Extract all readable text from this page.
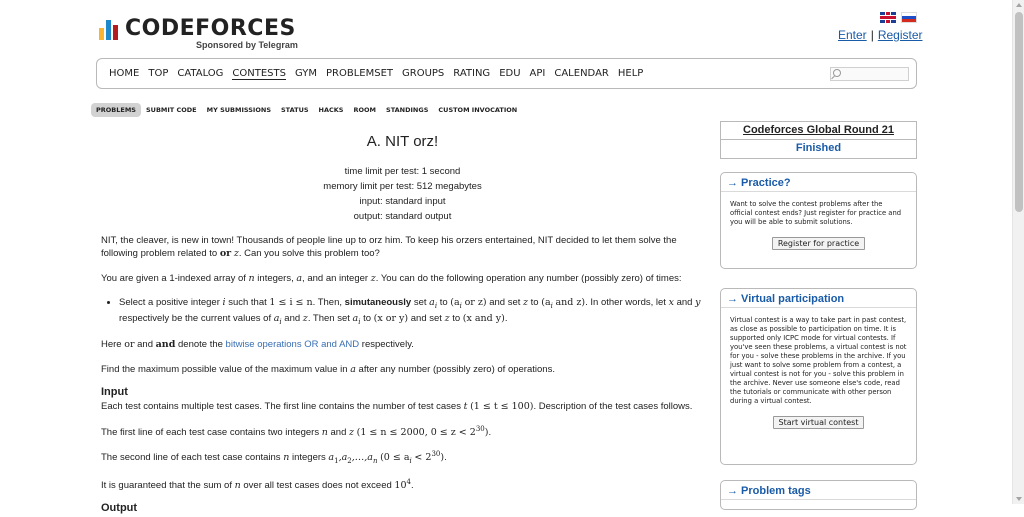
CODEFORCES
Sponsored by Telegram
Enter | Register
HOME TOP CATALOG CONTESTS GYM PROBLEMSET GROUPS RATING EDU API CALENDAR HELP
PROBLEMS	SUBMIT CODE	MY SUBMISSIONS	STATUS	HACKS	ROOM	STANDINGS	CUSTOM INVOCATION
A. NIT orz!
time limit per test: 1 second
memory limit per test: 512 megabytes
input: standard input
output: standard output

NIT, the cleaver, is new in town! Thousands of people line up to orz him. To keep his orzers entertained, NIT decided to let them solve the following problem related to or z. Can you solve this problem too?

You are given a 1-indexed array of n integers, a, and an integer z. You can do the following operation any number (possibly zero) of times:

• Select a positive integer i such that 1 ≤ i ≤ n. Then, simutaneously set $a_i$ to ($a_i$ or z) and set z to ($a_i$ and z). In other words, let x and y respectively be the current values of $a_i$ and z. Then set $a_i$ to (x or y) and set z to (x and y).

Here or and and denote the bitwise operations OR and AND respectively.

Find the maximum possible value of the maximum value in a after any number (possibly zero) of operations.

Input

Each test contains multiple test cases. The first line contains the number of test cases t (1 ≤ t ≤ 100). Description of the test cases follows.

The first line of each test case contains two integers n and z (1 ≤ n ≤ 2000, $0 \le z < 2^{30}$).

The second line of each test case contains n integers $a_1,a_2,\dots,a_n$ $(0 \le a_i < 2^{30})$.

It is guaranteed that the sum of n over all test cases does not exceed $10^4$.

Output
Codeforces Global Round 21
Finished
→ Practice?
Want to solve the contest problems after the official contest ends? Just register for practice and you will be able to submit solutions.
Register for practice
→ Virtual participation
Virtual contest is a way to take part in past contest, as close as possible to participation on time. It is supported only ICPC mode for virtual contests. If you've seen these problems, a virtual contest is not for you - solve these problems in the archive. If you just want to solve some problem from a contest, a virtual contest is not for you - solve this problem in the archive. Never use someone else's code, read the tutorials or communicate with other person during a virtual contest.
Start virtual contest
→ Problem tags
